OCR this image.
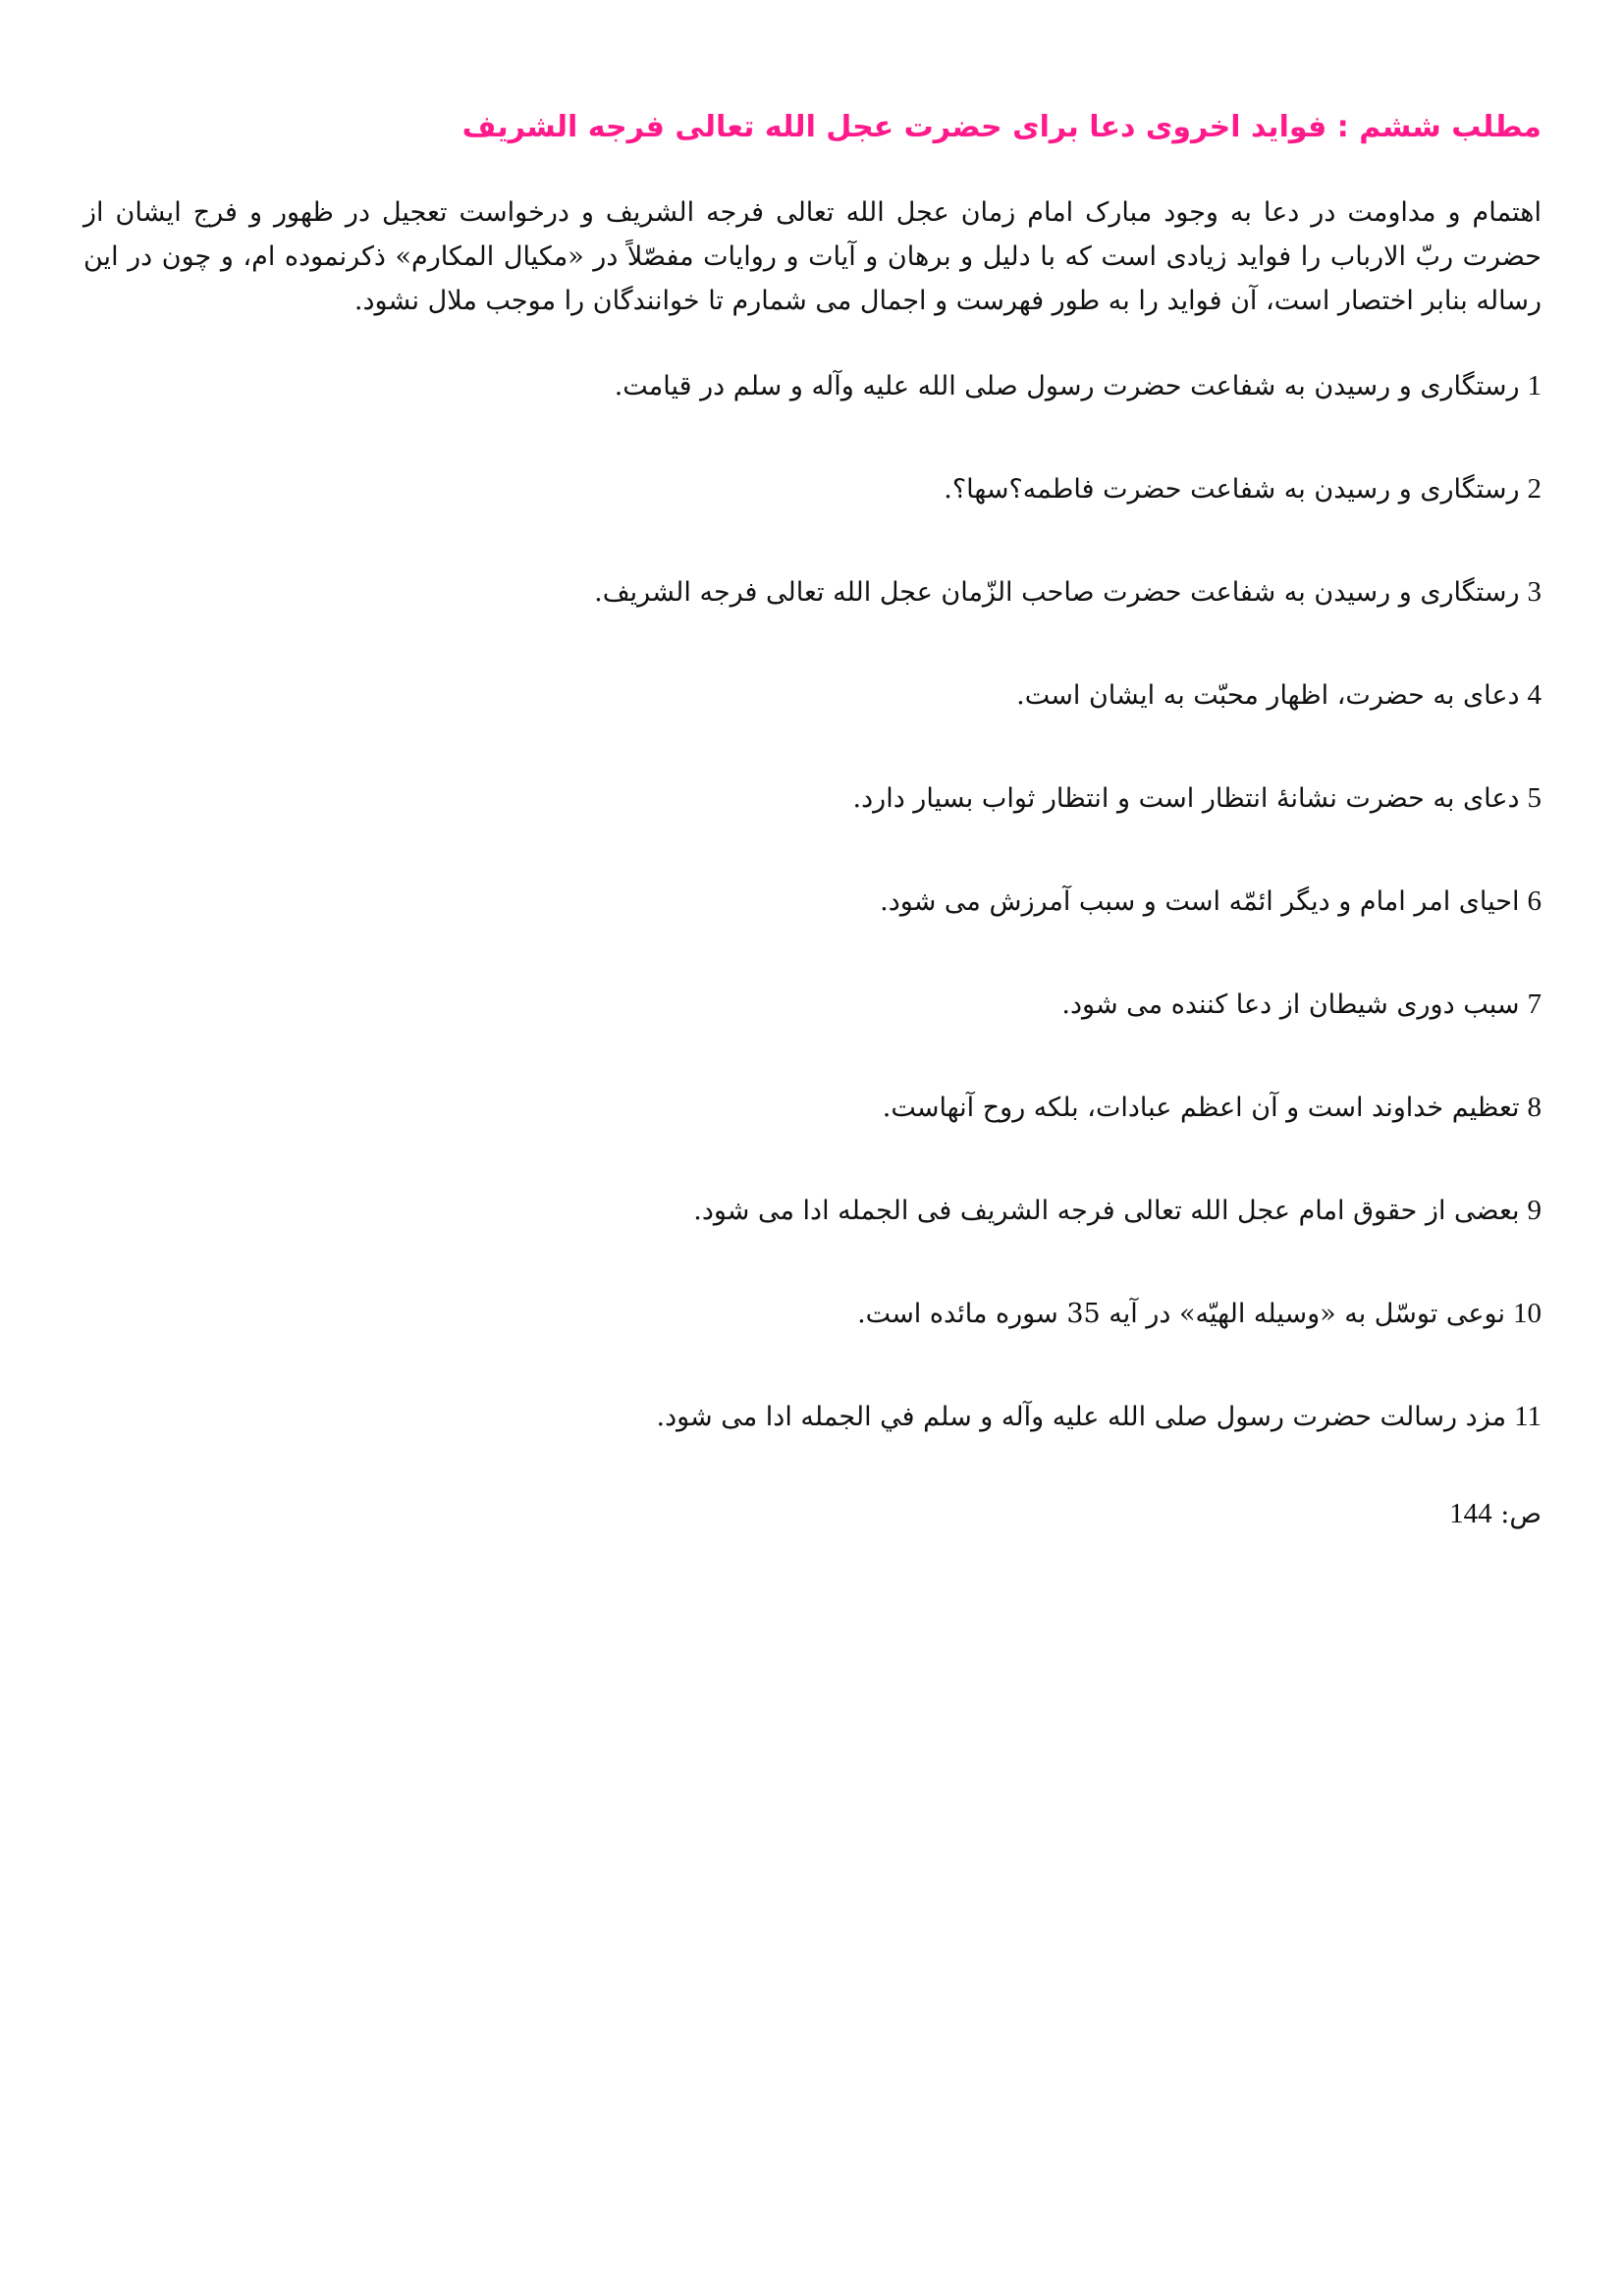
مطلب ششم : فواید اخروی دعا برای حضرت عجل الله تعالی فرجه الشریف

اهتمام و مداومت در دعا به وجود مبارک امام زمان عجل الله تعالی فرجه الشریف و درخواست تعجیل در ظهور و فرج ایشان از حضرت ربّ الارباب را فواید زیادی است که با دلیل و برهان و آیات و روایات مفصّلاً در «مکیال المکارم» ذکرنموده ام، و چون در این رساله بنابر اختصار است، آن فواید را به طور فهرست و اجمال می شمارم تا خوانندگان را موجب ملال نشود.

1رستگاری و رسیدن به شفاعت حضرت رسول صلی الله علیه وآله و سلم در قیامت.
2رستگاری و رسیدن به شفاعت حضرت فاطمه؟سها؟.
3رستگاری و رسیدن به شفاعت حضرت صاحب الزّمان عجل الله تعالی فرجه الشریف.
4دعای به حضرت، اظهار محبّت به ایشان است.
5دعای به حضرت نشانهٔ انتظار است و انتظار ثواب بسیار دارد.
6احیای امر امام و دیگر ائمّه است و سبب آمرزش می شود.
7سبب دوری شیطان از دعا کننده می شود.
8تعظیم خداوند است و آن اعظم عبادات، بلکه روح آنهاست.
9بعضی از حقوق امام عجل الله تعالی فرجه الشریف فی الجمله ادا می شود.
10نوعی توسّل به «وسیله الهیّه» در آیه 35 سوره مائده است.
11مزد رسالت حضرت رسول صلی الله علیه وآله و سلم في الجمله ادا می شود.
ص: 144
